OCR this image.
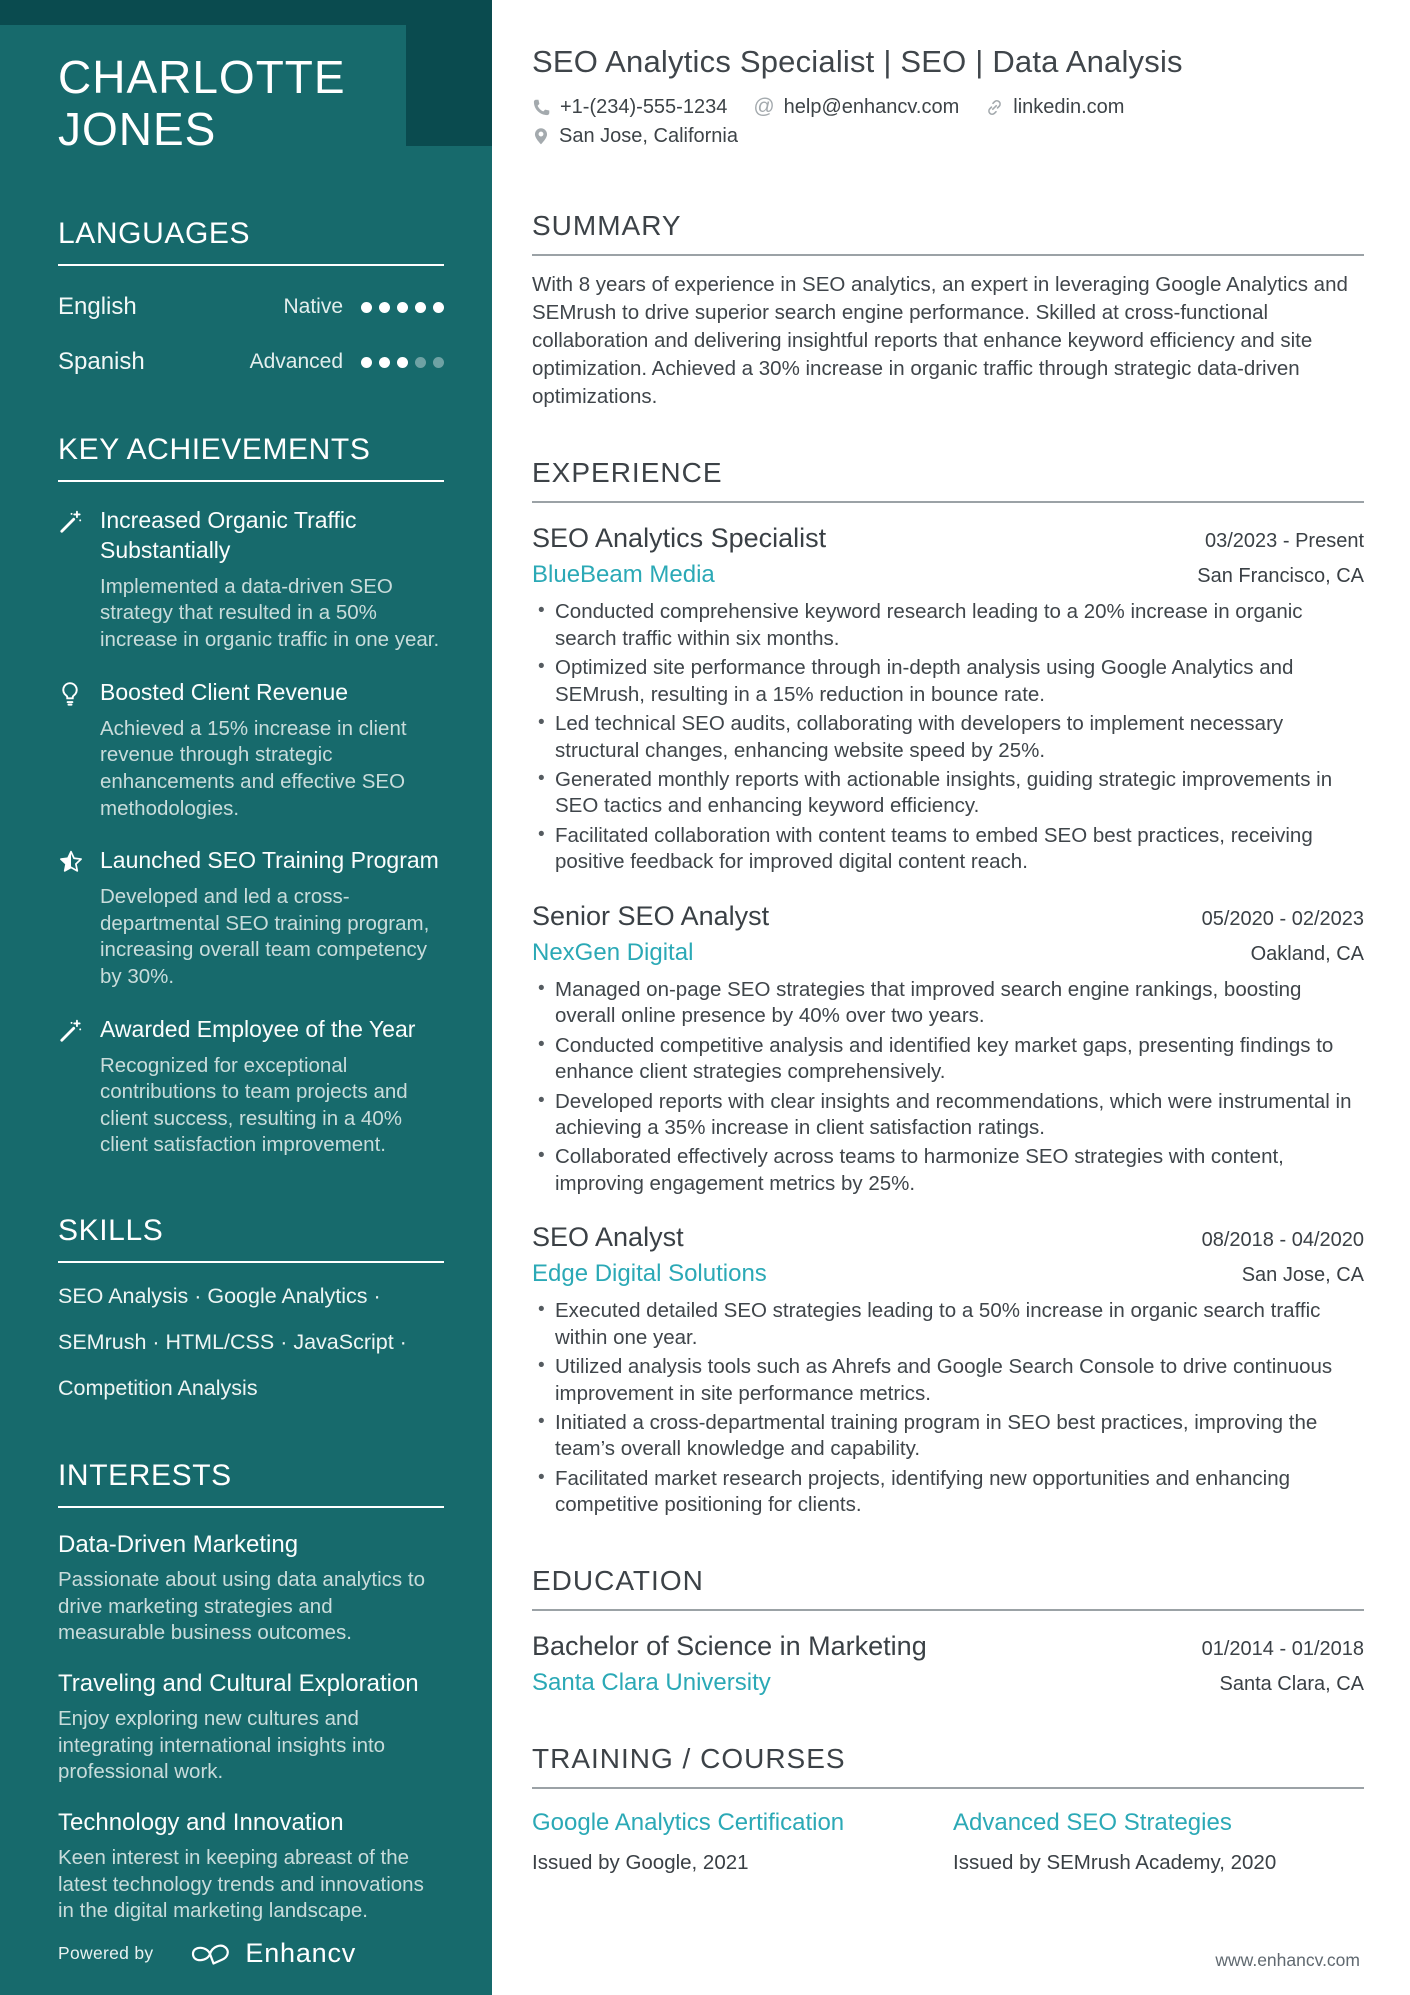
CHARLOTTE JONES
LANGUAGES
English	Native
Spanish	Advanced
KEY ACHIEVEMENTS
Increased Organic Traffic Substantially
Implemented a data-driven SEO strategy that resulted in a 50% increase in organic traffic in one year.
Boosted Client Revenue
Achieved a 15% increase in client revenue through strategic enhancements and effective SEO methodologies.
Launched SEO Training Program
Developed and led a cross-departmental SEO training program, increasing overall team competency by 30%.
Awarded Employee of the Year
Recognized for exceptional contributions to team projects and client success, resulting in a 40% client satisfaction improvement.
SKILLS
SEO Analysis · Google Analytics ·
SEMrush · HTML/CSS · JavaScript ·
Competition Analysis
INTERESTS
Data-Driven Marketing
Passionate about using data analytics to drive marketing strategies and measurable business outcomes.
Traveling and Cultural Exploration
Enjoy exploring new cultures and integrating international insights into professional work.
Technology and Innovation
Keen interest in keeping abreast of the latest technology trends and innovations in the digital marketing landscape.
Powered by	Enhancv
SEO Analytics Specialist | SEO | Data Analysis
+1-(234)-555-1234 @ help@enhancv.com	linkedin.com
San Jose, California
SUMMARY

With 8 years of experience in SEO analytics, an expert in leveraging Google Analytics and SEMrush to drive superior search engine performance. Skilled at cross-functional collaboration and delivering insightful reports that enhance keyword efficiency and site optimization. Achieved a 30% increase in organic traffic through strategic data-driven optimizations.

EXPERIENCE
SEO Analytics Specialist	03/2023 - Present
BlueBeam Media	San Francisco, CA
• Conducted comprehensive keyword research leading to a 20% increase in organic search traffic within six months.
• Optimized site performance through in-depth analysis using Google Analytics and SEMrush, resulting in a 15% reduction in bounce rate.
• Led technical SEO audits, collaborating with developers to implement necessary structural changes, enhancing website speed by 25%.
• Generated monthly reports with actionable insights, guiding strategic improvements in SEO tactics and enhancing keyword efficiency.
• Facilitated collaboration with content teams to embed SEO best practices, receiving positive feedback for improved digital content reach.
Senior SEO Analyst	05/2020 - 02/2023
NexGen Digital	Oakland, CA
• Managed on-page SEO strategies that improved search engine rankings, boosting overall online presence by 40% over two years.
• Conducted competitive analysis and identified key market gaps, presenting findings to enhance client strategies comprehensively.
• Developed reports with clear insights and recommendations, which were instrumental in achieving a 35% increase in client satisfaction ratings.
• Collaborated effectively across teams to harmonize SEO strategies with content, improving engagement metrics by 25%.
SEO Analyst	08/2018 - 04/2020
Edge Digital Solutions	San Jose, CA
• Executed detailed SEO strategies leading to a 50% increase in organic search traffic within one year.
• Utilized analysis tools such as Ahrefs and Google Search Console to drive continuous improvement in site performance metrics.
• Initiated a cross-departmental training program in SEO best practices, improving the team’s overall knowledge and capability.
• Facilitated market research projects, identifying new opportunities and enhancing competitive positioning for clients.
EDUCATION
Bachelor of Science in Marketing	01/2014 - 01/2018
Santa Clara University	Santa Clara, CA
TRAINING / COURSES
Google Analytics Certification
Issued by Google, 2021
Advanced SEO Strategies
Issued by SEMrush Academy, 2020
www.enhancv.com
